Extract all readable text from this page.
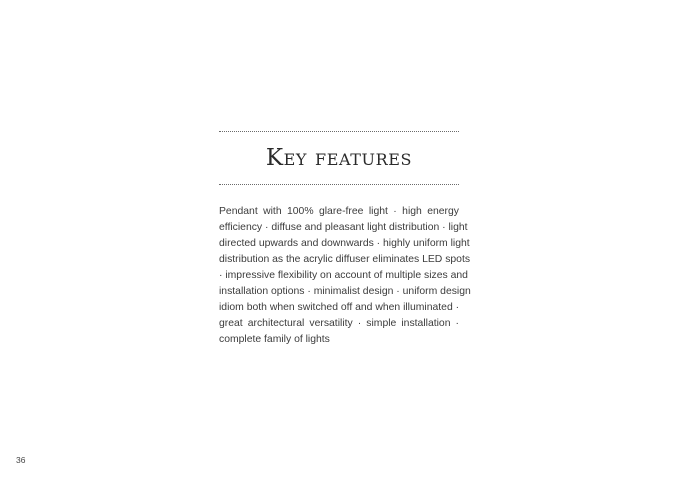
Key features
Pendant with 100% glare-free light · high energy
efficiency · diffuse and pleasant light distribution · light
directed upwards and downwards · highly uniform light
distribution as the acrylic diffuser eliminates LED spots
· impressive flexibility on account of multiple sizes and
installation options · minimalist design · uniform design
idiom both when switched off and when illuminated ·
great architectural versatility · simple installation ·
complete family of lights
36
